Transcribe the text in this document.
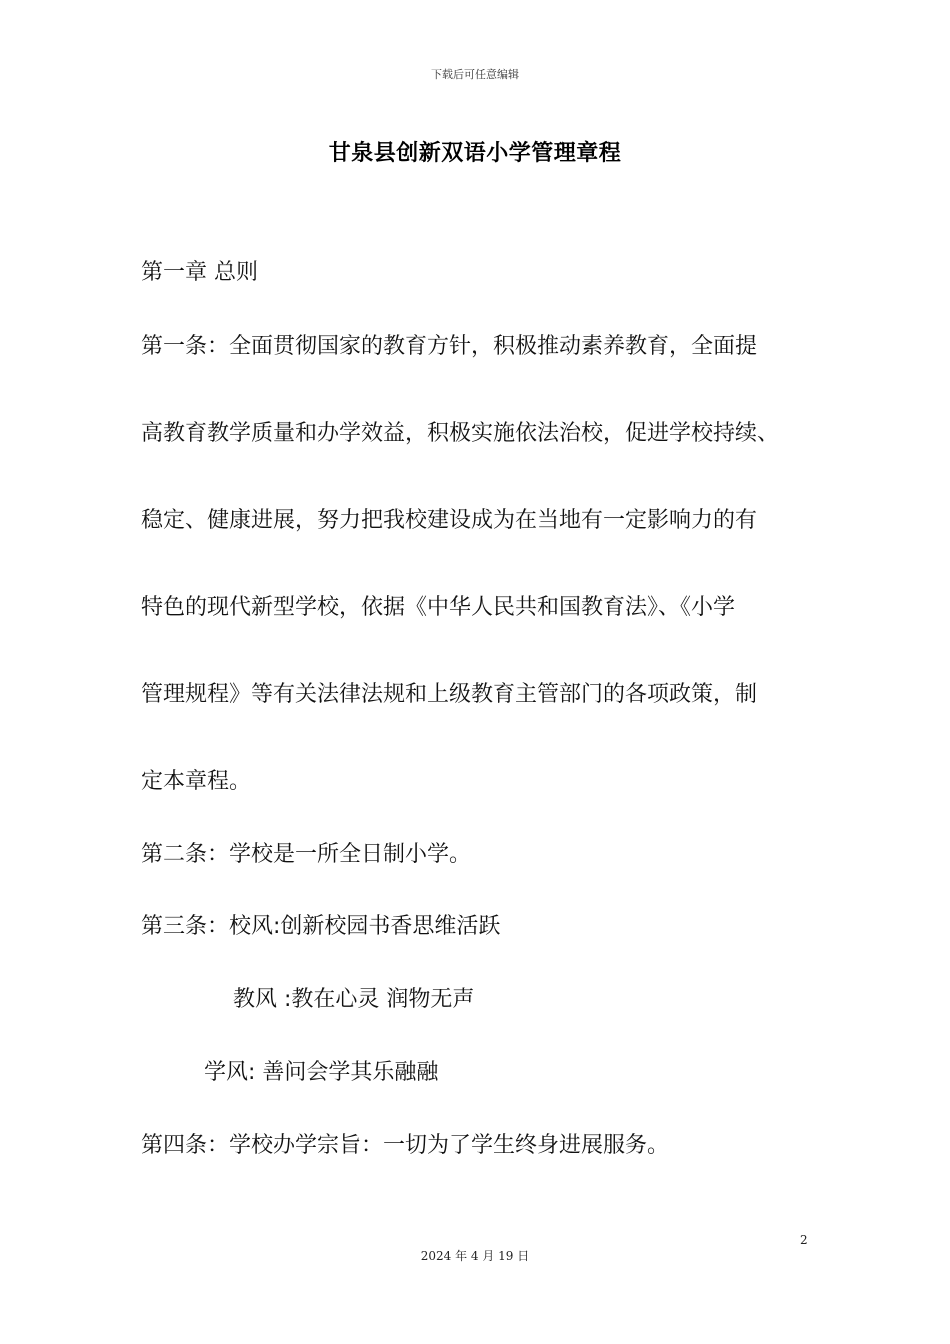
下载后可任意编辑
甘泉县创新双语小学管理章程
第一章 总则
第一条：全面贯彻国家的教育方针，积极推动素养教育，全面提
高教育教学质量和办学效益，积极实施依法治校，促进学校持续、
稳定、健康进展，努力把我校建设成为在当地有一定影响力的有
特色的现代新型学校，依据《中华人民共和国教育法》、《小学
管理规程》等有关法律法规和上级教育主管部门的各项政策，制
定本章程。
第二条：学校是一所全日制小学。
第三条：校风:创新校园书香思维活跃
教风 :教在心灵 润物无声
学风: 善问会学其乐融融
第四条：学校办学宗旨：一切为了学生终身进展服务。
2
2024 年 4 月 19 日
